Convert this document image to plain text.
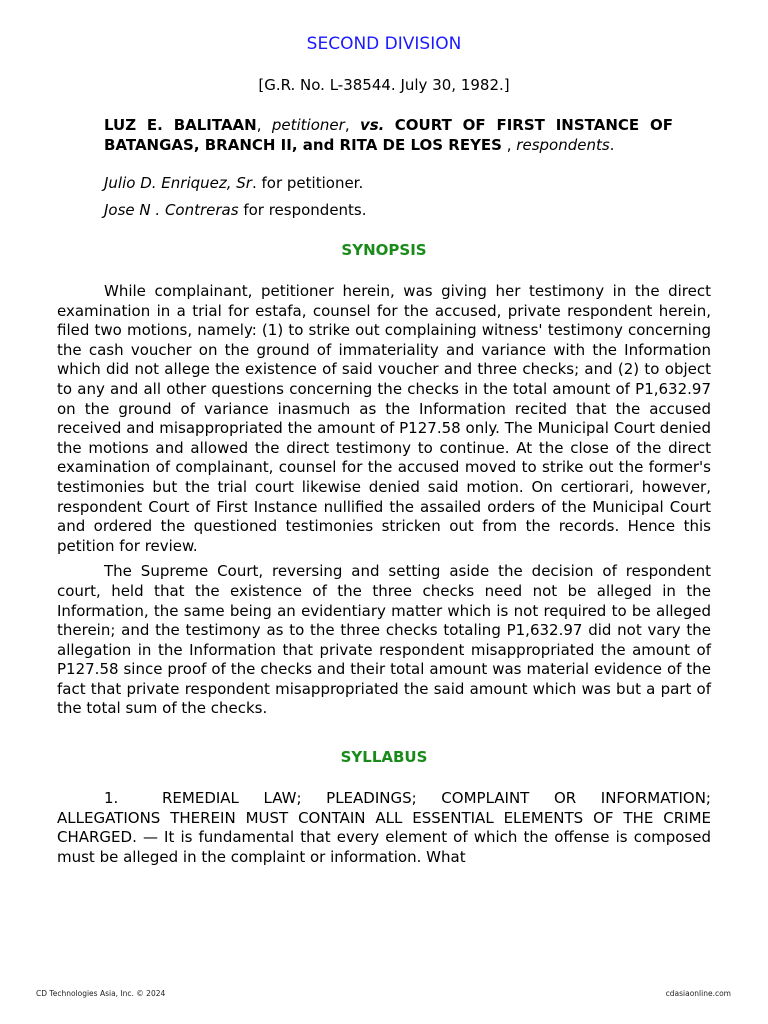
SECOND DIVISION

[G.R. No. L-38544. July 30, 1982.]

LUZ E. BALITAAN, petitioner, vs. COURT OF FIRST INSTANCE OF BATANGAS, BRANCH II, and RITA DE LOS REYES , respondents.

Julio D. Enriquez, Sr. for petitioner.

Jose N . Contreras for respondents.

SYNOPSIS

While complainant, petitioner herein, was giving her testimony in the direct examination in a trial for estafa, counsel for the accused, private respondent herein, filed two motions, namely: (1) to strike out complaining witness' testimony concerning the cash voucher on the ground of immateriality and variance with the Information which did not allege the existence of said voucher and three checks; and (2) to object to any and all other questions concerning the checks in the total amount of P1,632.97 on the ground of variance inasmuch as the Information recited that the accused received and misappropriated the amount of P127.58 only. The Municipal Court denied the motions and allowed the direct testimony to continue. At the close of the direct examination of complainant, counsel for the accused moved to strike out the former's testimonies but the trial court likewise denied said motion. On certiorari, however, respondent Court of First Instance nullified the assailed orders of the Municipal Court and ordered the questioned testimonies stricken out from the records. Hence this petition for review.

The Supreme Court, reversing and setting aside the decision of respondent court, held that the existence of the three checks need not be alleged in the Information, the same being an evidentiary matter which is not required to be alleged therein; and the testimony as to the three checks totaling P1,632.97 did not vary the allegation in the Information that private respondent misappropriated the amount of P127.58 since proof of the checks and their total amount was material evidence of the fact that private respondent misappropriated the said amount which was but a part of the total sum of the checks.

SYLLABUS

1.	REMEDIAL LAW; PLEADINGS; COMPLAINT OR INFORMATION; ALLEGATIONS THEREIN MUST CONTAIN ALL ESSENTIAL ELEMENTS OF THE CRIME CHARGED. — It is fundamental that every element of which the offense is composed must be alleged in the complaint or information. What

CD Technologies Asia, Inc. © 2024	cdasiaonline.com
